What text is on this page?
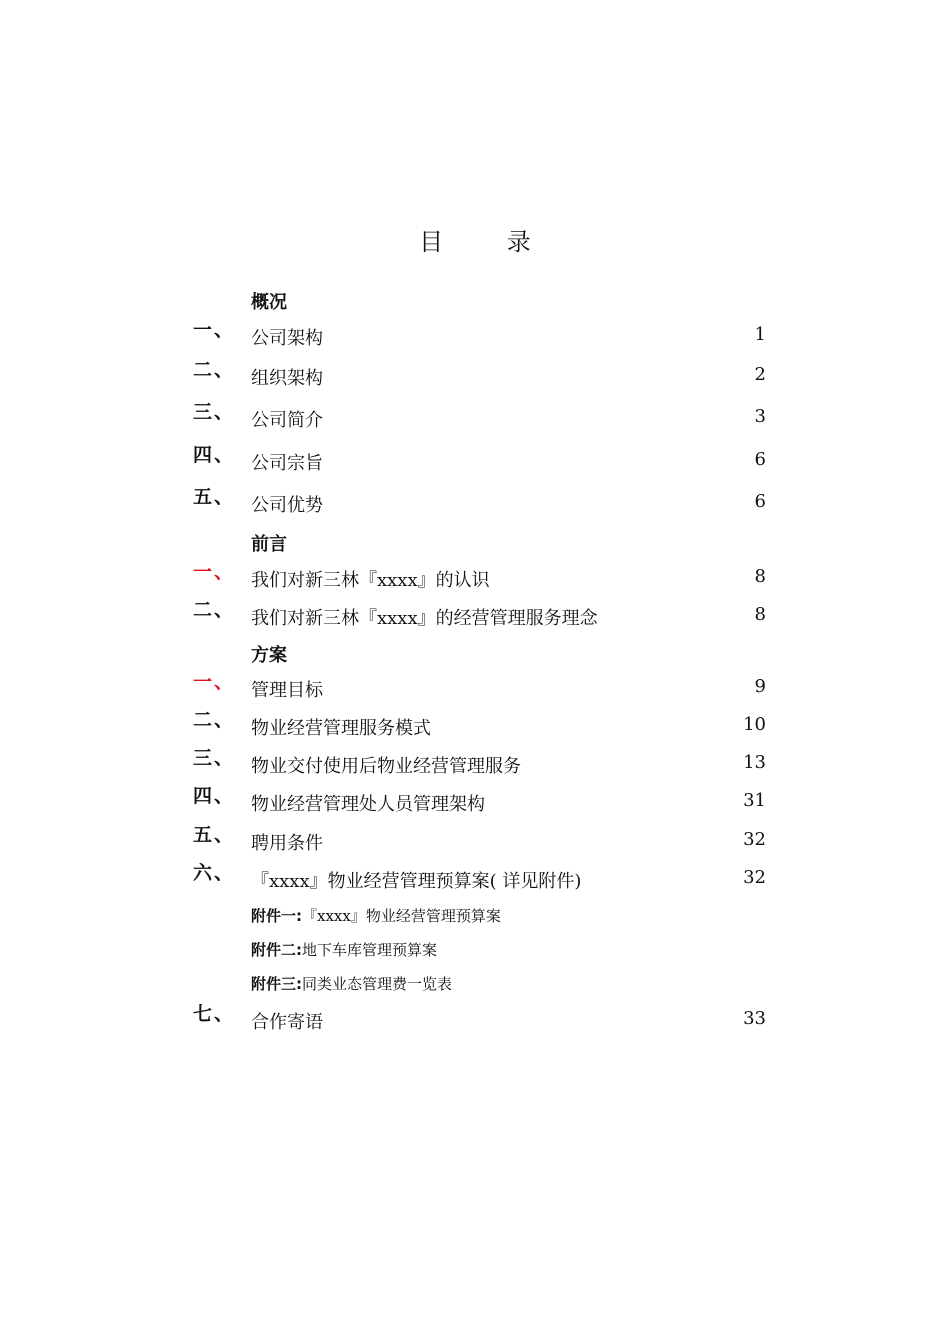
目 录
概况
一、 公司架构	1
二、 组织架构	2
三、 公司简介	3
四、 公司宗旨	6
五、 公司优势	6
前言
一、 我们对新三林『xxxx』的认识	8
二、 我们对新三林『xxxx』的经营管理服务理念	8
方案
一、 管理目标	9
二、 物业经营管理服务模式	10
三、 物业交付使用后物业经营管理服务	13
四、 物业经营管理处人员管理架构	31
五、 聘用条件	32
六、 『xxxx』物业经营管理预算案( 详见附件)	32
附件一:『xxxx』物业经营管理预算案
附件二:地下车库管理预算案
附件三:同类业态管理费一览表
七、 合作寄语	33
